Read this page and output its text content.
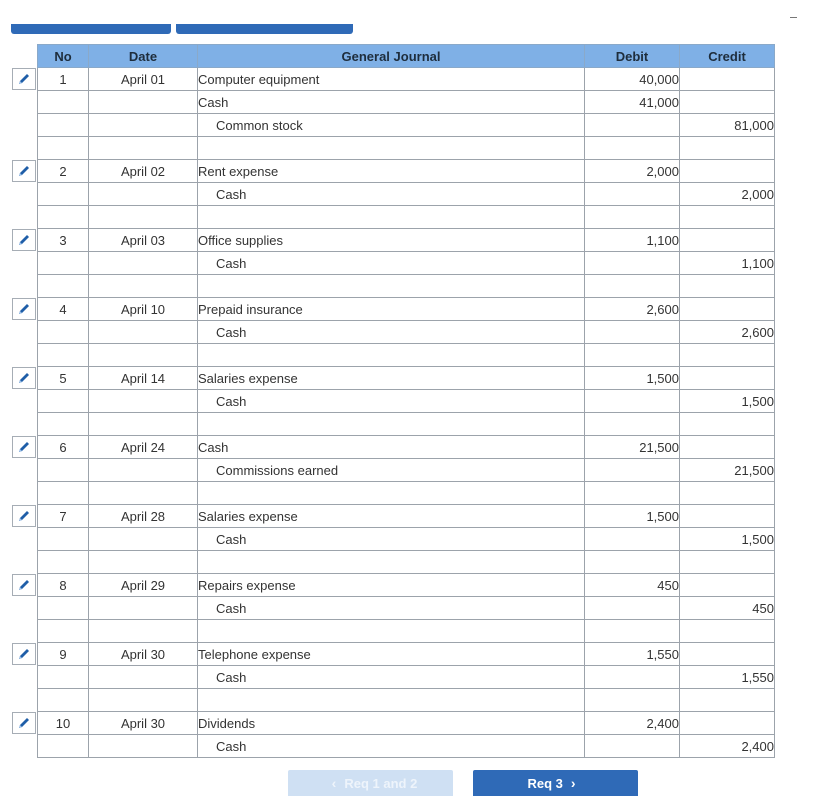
No	Date	General Journal	Debit	Credit
1	April 01	Computer equipment	40,000	
		Cash	41,000	
		Common stock		81,000

2	April 02	Rent expense	2,000	
		Cash		2,000

3	April 03	Office supplies	1,100	
		Cash		1,100

4	April 10	Prepaid insurance	2,600	
		Cash		2,600

5	April 14	Salaries expense	1,500	
		Cash		1,500

6	April 24	Cash	21,500	
		Commissions earned		21,500

7	April 28	Salaries expense	1,500	
		Cash		1,500

8	April 29	Repairs expense	450	
		Cash		450

9	April 30	Telephone expense	1,550	
		Cash		1,550

10	April 30	Dividends	2,400	
		Cash		2,400
‹ Req 1 and 2	Req 3 ›
